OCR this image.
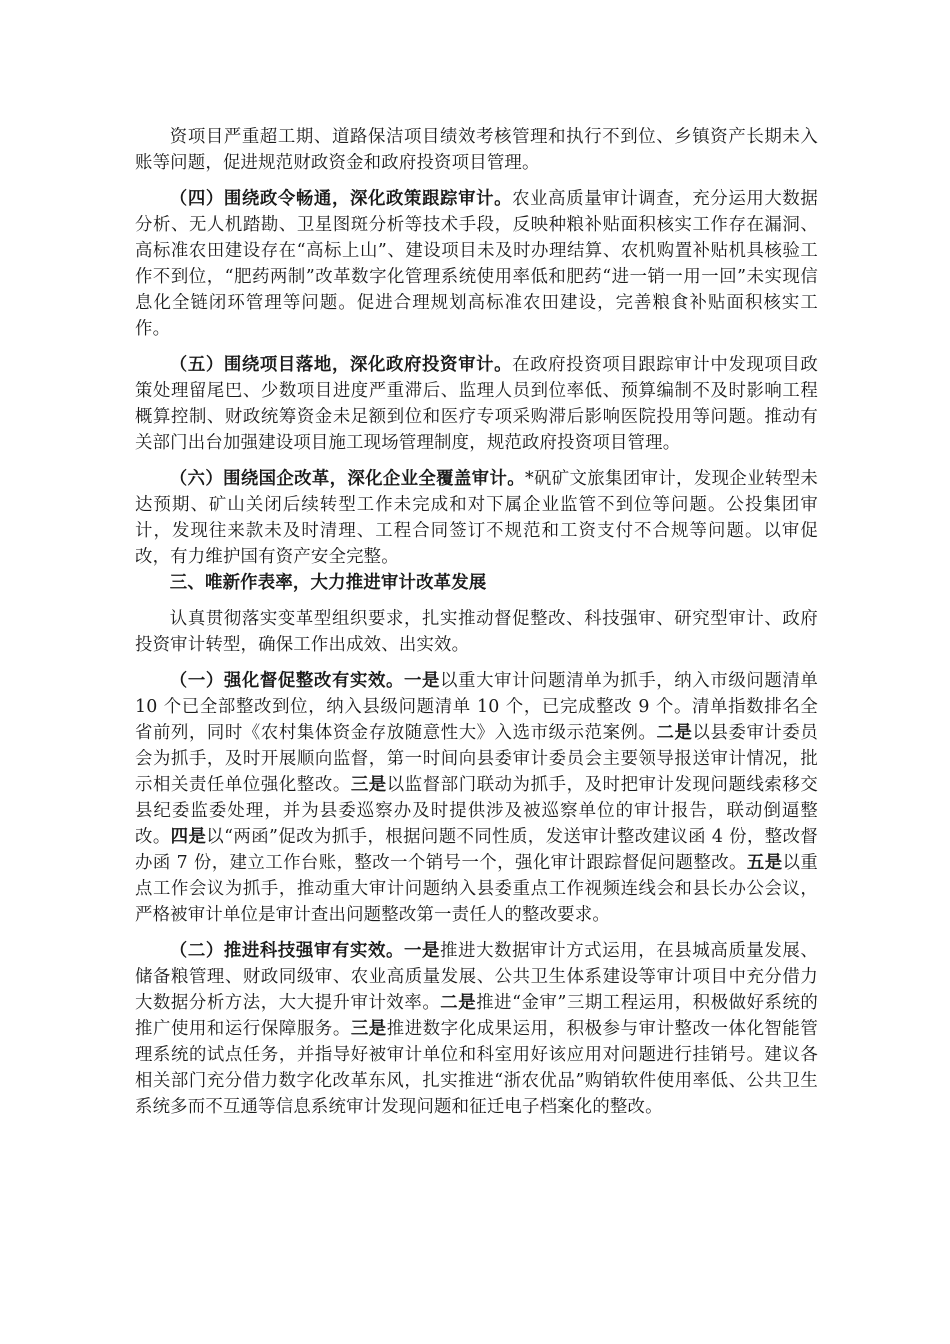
资项目严重超工期、道路保洁项目绩效考核管理和执行不到位、乡镇资产长期未入账等问题，促进规范财政资金和政府投资项目管理。

（四）围绕政令畅通，深化政策跟踪审计。农业高质量审计调查，充分运用大数据分析、无人机踏勘、卫星图斑分析等技术手段，反映种粮补贴面积核实工作存在漏洞、高标准农田建设存在“高标上山”、建设项目未及时办理结算、农机购置补贴机具核验工作不到位，“肥药两制”改革数字化管理系统使用率低和肥药“进一销一用一回”未实现信息化全链闭环管理等问题。促进合理规划高标准农田建设，完善粮食补贴面积核实工作。

（五）围绕项目落地，深化政府投资审计。在政府投资项目跟踪审计中发现项目政策处理留尾巴、少数项目进度严重滞后、监理人员到位率低、预算编制不及时影响工程概算控制、财政统筹资金未足额到位和医疗专项采购滞后影响医院投用等问题。推动有关部门出台加强建设项目施工现场管理制度，规范政府投资项目管理。

（六）围绕国企改革，深化企业全覆盖审计。*矾矿文旅集团审计，发现企业转型未达预期、矿山关闭后续转型工作未完成和对下属企业监管不到位等问题。公投集团审计，发现往来款未及时清理、工程合同签订不规范和工资支付不合规等问题。以审促改，有力维护国有资产安全完整。

三、唯新作表率，大力推进审计改革发展

认真贯彻落实变革型组织要求，扎实推动督促整改、科技强审、研究型审计、政府投资审计转型，确保工作出成效、出实效。

（一）强化督促整改有实效。一是以重大审计问题清单为抓手，纳入市级问题清单 10 个已全部整改到位，纳入县级问题清单 10 个，已完成整改 9 个。清单指数排名全省前列，同时《农村集体资金存放随意性大》入选市级示范案例。二是以县委审计委员会为抓手，及时开展顺向监督，第一时间向县委审计委员会主要领导报送审计情况，批示相关责任单位强化整改。三是以监督部门联动为抓手，及时把审计发现问题线索移交县纪委监委处理，并为县委巡察办及时提供涉及被巡察单位的审计报告，联动倒逼整改。四是以“两函”促改为抓手，根据问题不同性质，发送审计整改建议函 4 份，整改督办函 7 份，建立工作台账，整改一个销号一个，强化审计跟踪督促问题整改。五是以重点工作会议为抓手，推动重大审计问题纳入县委重点工作视频连线会和县长办公会议，严格被审计单位是审计查出问题整改第一责任人的整改要求。

（二）推进科技强审有实效。一是推进大数据审计方式运用，在县城高质量发展、储备粮管理、财政同级审、农业高质量发展、公共卫生体系建设等审计项目中充分借力大数据分析方法，大大提升审计效率。二是推进“金审”三期工程运用，积极做好系统的推广使用和运行保障服务。三是推进数字化成果运用，积极参与审计整改一体化智能管理系统的试点任务，并指导好被审计单位和科室用好该应用对问题进行挂销号。建议各相关部门充分借力数字化改革东风，扎实推进“浙农优品”购销软件使用率低、公共卫生系统多而不互通等信息系统审计发现问题和征迁电子档案化的整改。
